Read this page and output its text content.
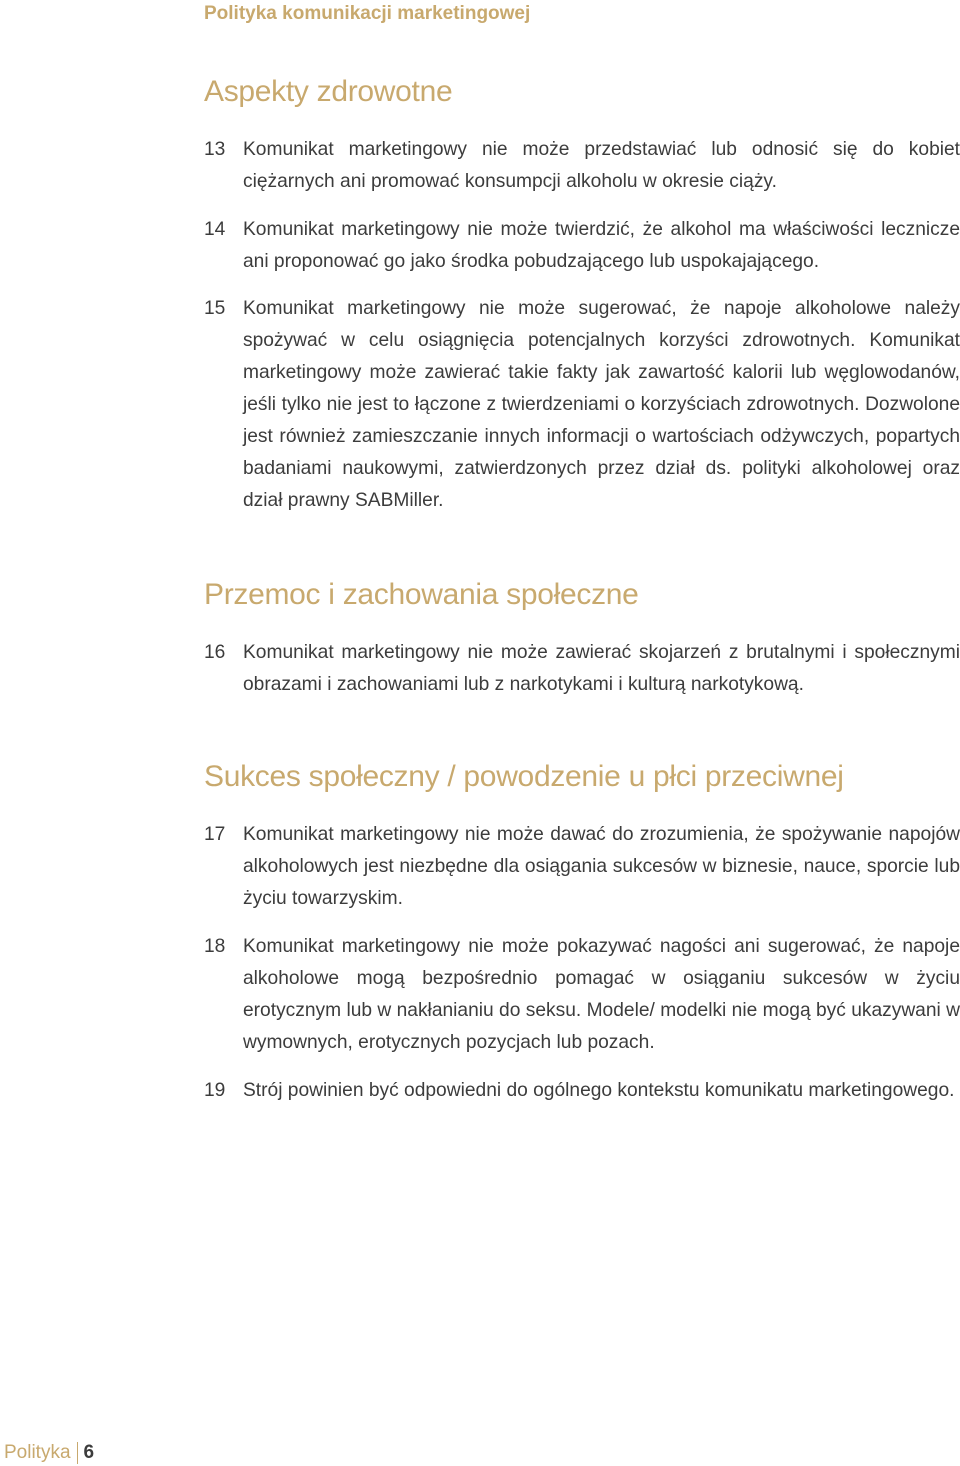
Polityka komunikacji marketingowej
Aspekty zdrowotne
13 Komunikat marketingowy nie może przedstawiać lub odnosić się do kobiet ciężarnych ani promować konsumpcji alkoholu w okresie ciąży.
14 Komunikat marketingowy nie może twierdzić, że alkohol ma właściwości lecznicze ani proponować go jako środka pobudzającego lub uspokajającego.
15 Komunikat marketingowy nie może sugerować, że napoje alkoholowe należy spożywać w celu osiągnięcia potencjalnych korzyści zdrowotnych. Komunikat marketingowy może zawierać takie fakty jak zawartość kalorii lub węglowodanów, jeśli tylko nie jest to łączone z twierdzeniami o korzyściach zdrowotnych. Dozwolone jest również zamieszczanie innych informacji o wartościach odżywczych, popartych badaniami naukowymi, zatwierdzonych przez dział ds. polityki alkoholowej oraz dział prawny SABMiller.
Przemoc i zachowania społeczne
16 Komunikat marketingowy nie może zawierać skojarzeń z brutalnymi i społecznymi obrazami i zachowaniami lub z narkotykami i kulturą narkotykową.
Sukces społeczny / powodzenie u płci przeciwnej
17 Komunikat marketingowy nie może dawać do zrozumienia, że spożywanie napojów alkoholowych jest niezbędne dla osiągania sukcesów w biznesie, nauce, sporcie lub życiu towarzyskim.
18 Komunikat marketingowy nie może pokazywać nagości ani sugerować, że napoje alkoholowe mogą bezpośrednio pomagać w osiąganiu sukcesów w życiu erotycznym lub w nakłanianiu do seksu. Modele/ modelki nie mogą być ukazywani w wymownych, erotycznych pozycjach lub pozach.
19 Strój powinien być odpowiedni do ogólnego kontekstu komunikatu marketingowego.
Polityka 6
